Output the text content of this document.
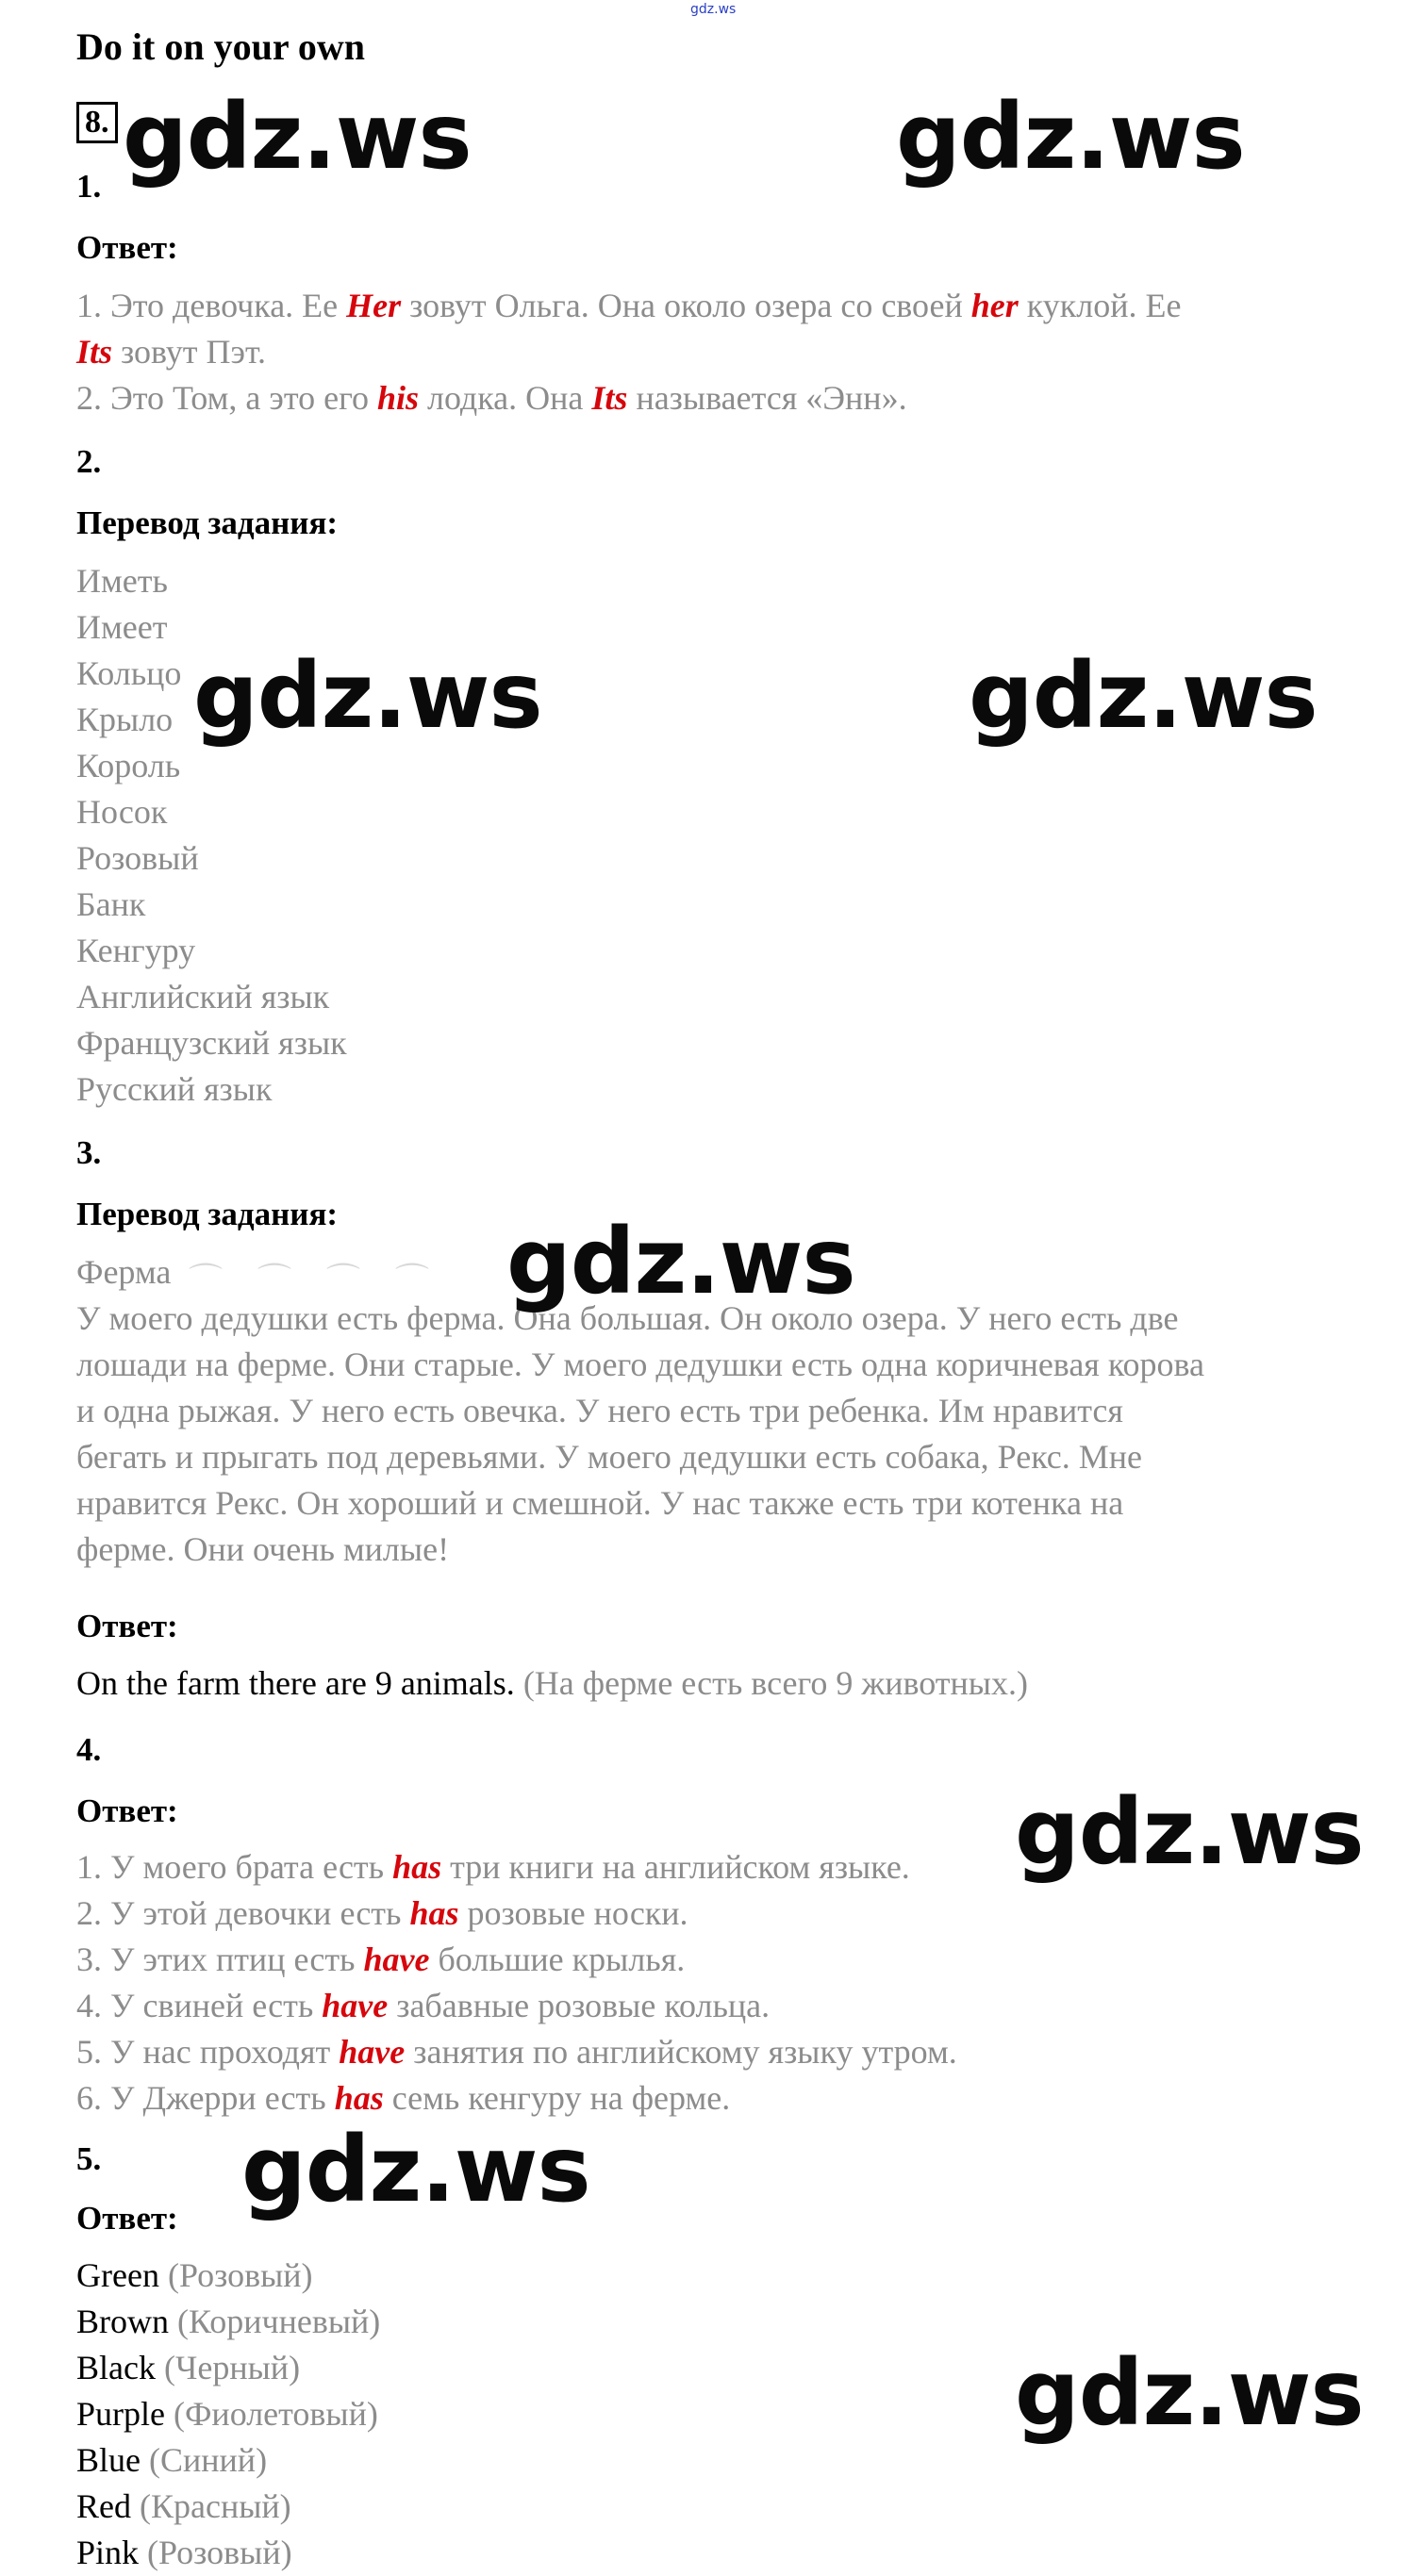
gdz.ws
Do it on your own
8.
1.
Ответ:
1. Это девочка. Ее Her зовут Ольга. Она около озера со своей her куклой. Ее
Its зовут Пэт.
2. Это Том, а это его his лодка. Она Its называется «Энн».
2.
Перевод задания:
Иметь
Имеет
Кольцо
Крыло
Король
Носок
Розовый
Банк
Кенгуру
Английский язык
Французский язык
Русский язык
3.
Перевод задания:
⌒ ⌒ ⌒ ⌒
Ферма
У моего дедушки есть ферма. Она большая. Он около озера. У него есть две
лошади на ферме. Они старые. У моего дедушки есть одна коричневая корова
и одна рыжая. У него есть овечка. У него есть три ребенка. Им нравится
бегать и прыгать под деревьями. У моего дедушки есть собака, Рекс. Мне
нравится Рекс. Он хороший и смешной. У нас также есть три котенка на
ферме. Они очень милые!
Ответ:
On the farm there are 9 animals. (На ферме есть всего 9 животных.)
4.
Ответ:
1. У моего брата есть has три книги на английском языке.
2. У этой девочки есть has розовые носки.
3. У этих птиц есть have большие крылья.
4. У свиней есть have забавные розовые кольца.
5. У нас проходят have занятия по английскому языку утром.
6. У Джерри есть has семь кенгуру на ферме.
5.
Ответ:
Green (Розовый)
Brown (Коричневый)
Black (Черный)
Purple (Фиолетовый)
Blue (Синий)
Red (Красный)
Pink (Розовый)
gdz.ws	gdz.ws
gdz.ws	gdz.ws
gdz.ws
gdz.ws
gdz.ws
gdz.ws
